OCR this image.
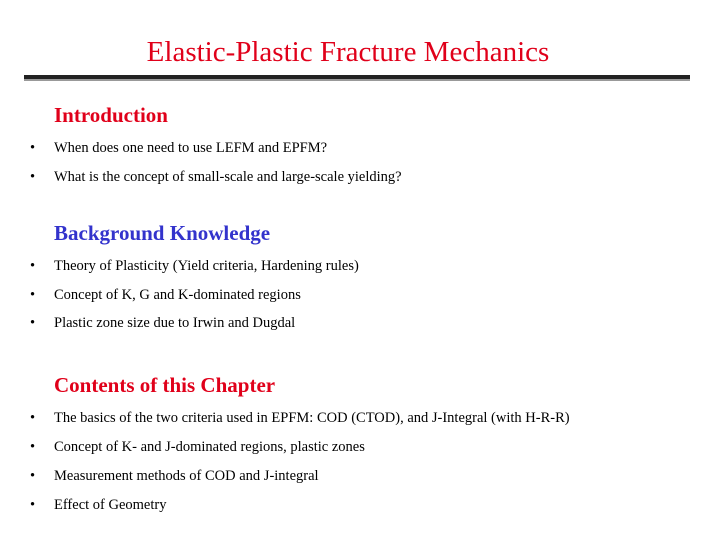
Elastic-Plastic Fracture Mechanics
Introduction
• When does one need to use LEFM and EPFM?
• What is the concept of small-scale and large-scale yielding?
Background Knowledge
• Theory of Plasticity (Yield criteria, Hardening rules)
• Concept of K, G and K-dominated regions
• Plastic zone size due to Irwin and Dugdal
Contents of this Chapter
• The basics of the two criteria used in EPFM: COD (CTOD), and J-Integral (with H-R-R)
• Concept of K- and J-dominated regions, plastic zones
• Measurement methods of COD and J-integral
• Effect of Geometry
